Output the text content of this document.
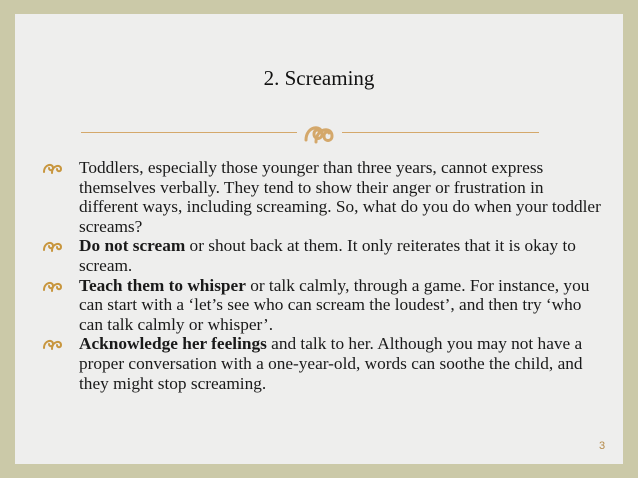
2. Screaming
Toddlers, especially those younger than three years, cannot express themselves verbally. They tend to show their anger or frustration in different ways, including screaming. So, what do you do when your toddler screams?
Do not scream or shout back at them. It only reiterates that it is okay to scream.
Teach them to whisper or talk calmly, through a game. For instance, you can start with a ‘let’s see who can scream the loudest’, and then try ‘who can talk calmly or whisper’.
Acknowledge her feelings and talk to her. Although you may not have a proper conversation with a one-year-old, words can soothe the child, and they might stop screaming.
3
